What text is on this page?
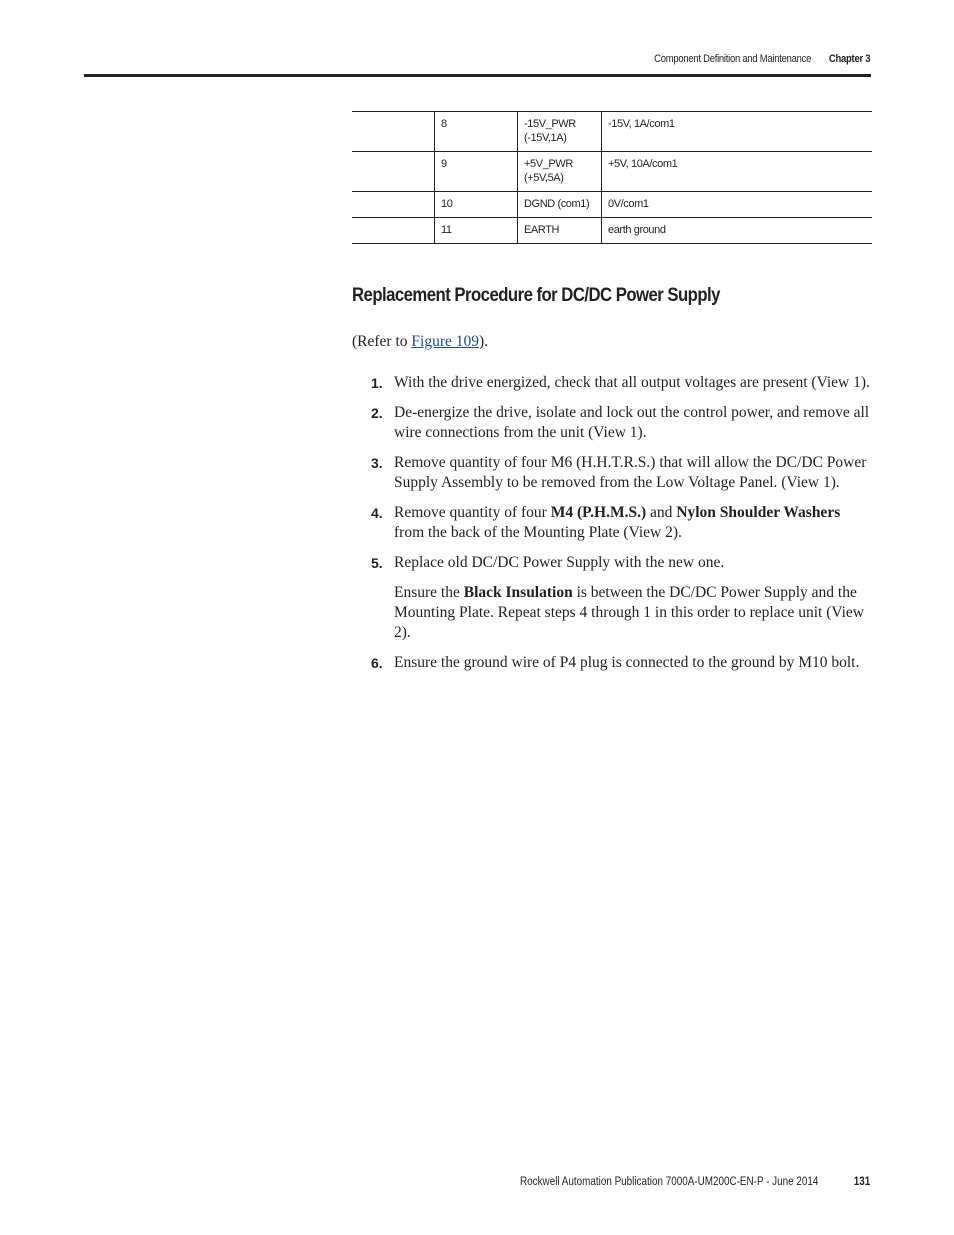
Component Definition and Maintenance Chapter 3
	8	-15V_PWR (-15V,1A)	-15V, 1A/com1
	9	+5V_PWR (+5V,5A)	+5V, 10A/com1
	10	DGND (com1)	0V/com1
	11	EARTH	earth ground
Replacement Procedure for DC/DC Power Supply
(Refer to Figure 109).
1. With the drive energized, check that all output voltages are present (View 1).
2. De-energize the drive, isolate and lock out the control power, and remove all wire connections from the unit (View 1).
3. Remove quantity of four M6 (H.H.T.R.S.) that will allow the DC/DC Power Supply Assembly to be removed from the Low Voltage Panel. (View 1).
4. Remove quantity of four M4 (P.H.M.S.) and Nylon Shoulder Washers from the back of the Mounting Plate (View 2).
5. Replace old DC/DC Power Supply with the new one.

Ensure the Black Insulation is between the DC/DC Power Supply and the Mounting Plate. Repeat steps 4 through 1 in this order to replace unit (View 2).

6. Ensure the ground wire of P4 plug is connected to the ground by M10 bolt.
Rockwell Automation Publication 7000A-UM200C-EN-P - June 2014	131
